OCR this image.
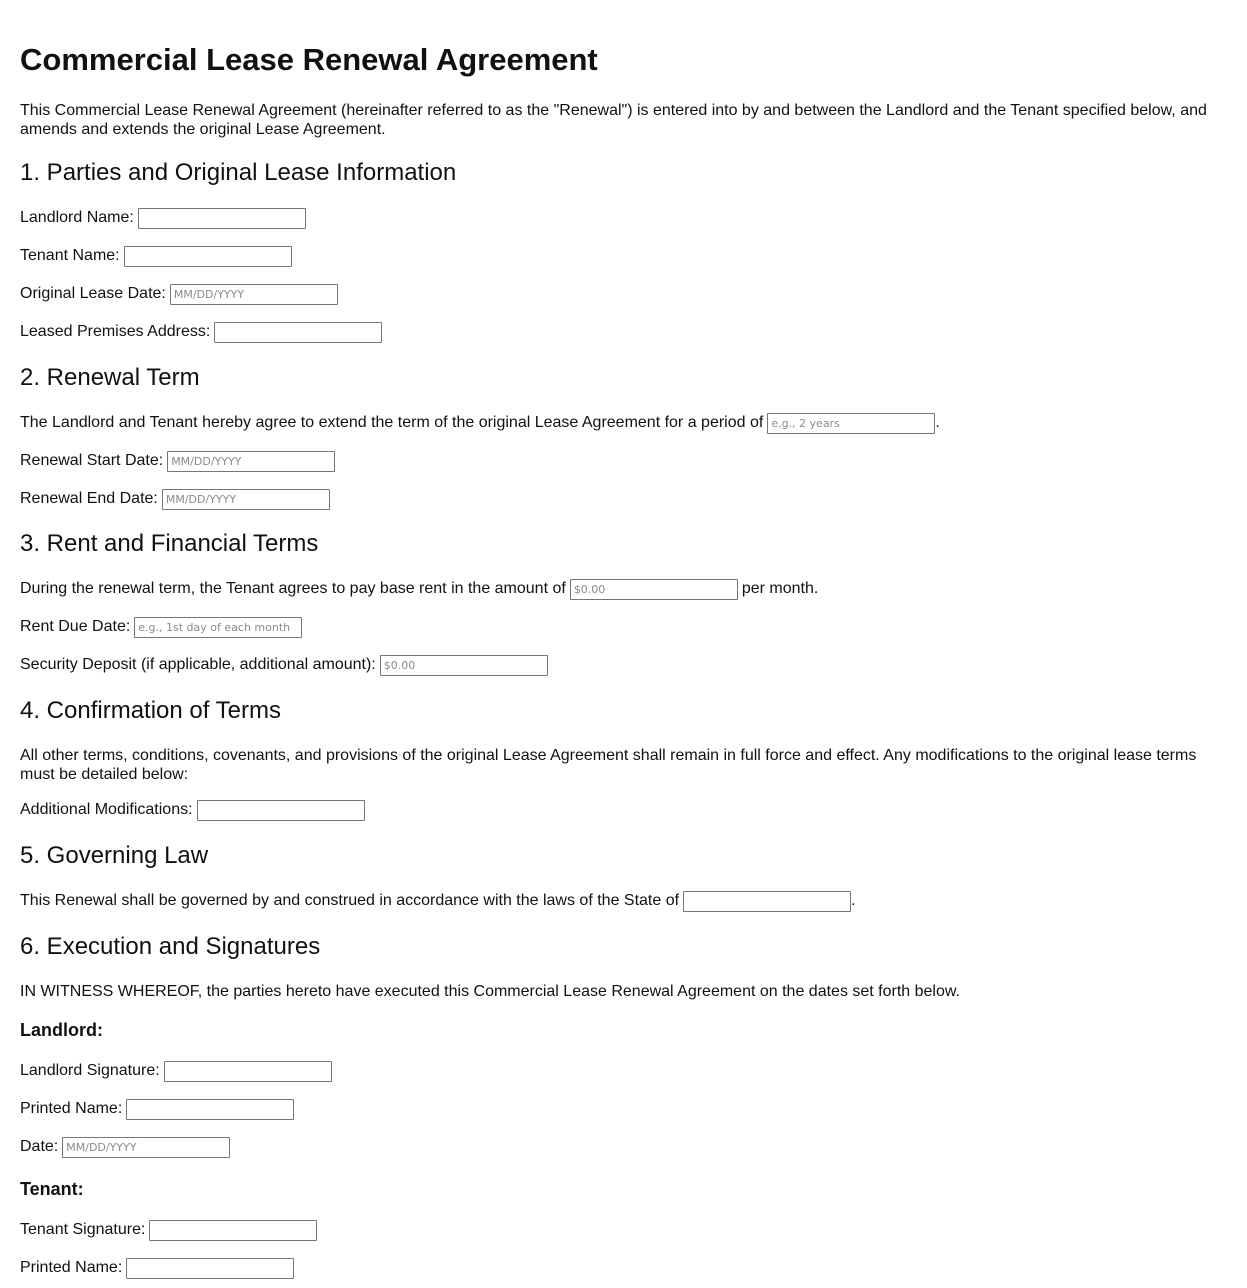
Commercial Lease Renewal Agreement

This Commercial Lease Renewal Agreement (hereinafter referred to as the "Renewal") is entered into by and between the Landlord and the Tenant specified below, and amends and extends the original Lease Agreement.

1. Parties and Original Lease Information
Landlord Name:
Tenant Name:
Original Lease Date:
MM/DD/YYYY
Leased Premises Address:
2. Renewal Term
The Landlord and Tenant hereby agree to extend the term of the original Lease Agreement for a period of
e.g., 2 years	.
Renewal Start Date:
MM/DD/YYYY
Renewal End Date:
MM/DD/YYYY
3. Rent and Financial Terms
During the renewal term, the Tenant agrees to pay base rent in the amount of
$0.00	per month.
Rent Due Date:
e.g., 1st day of each month
Security Deposit (if applicable, additional amount):
$0.00
4. Confirmation of Terms

All other terms, conditions, covenants, and provisions of the original Lease Agreement shall remain in full force and effect. Any modifications to the original lease terms must be detailed below:

Additional Modifications:
5. Governing Law
This Renewal shall be governed by and construed in accordance with the laws of the State of	.
6. Execution and Signatures

IN WITNESS WHEREOF, the parties hereto have executed this Commercial Lease Renewal Agreement on the dates set forth below.

Landlord:
Landlord Signature:
Printed Name:
Date:
MM/DD/YYYY
Tenant:
Tenant Signature:
Printed Name:
